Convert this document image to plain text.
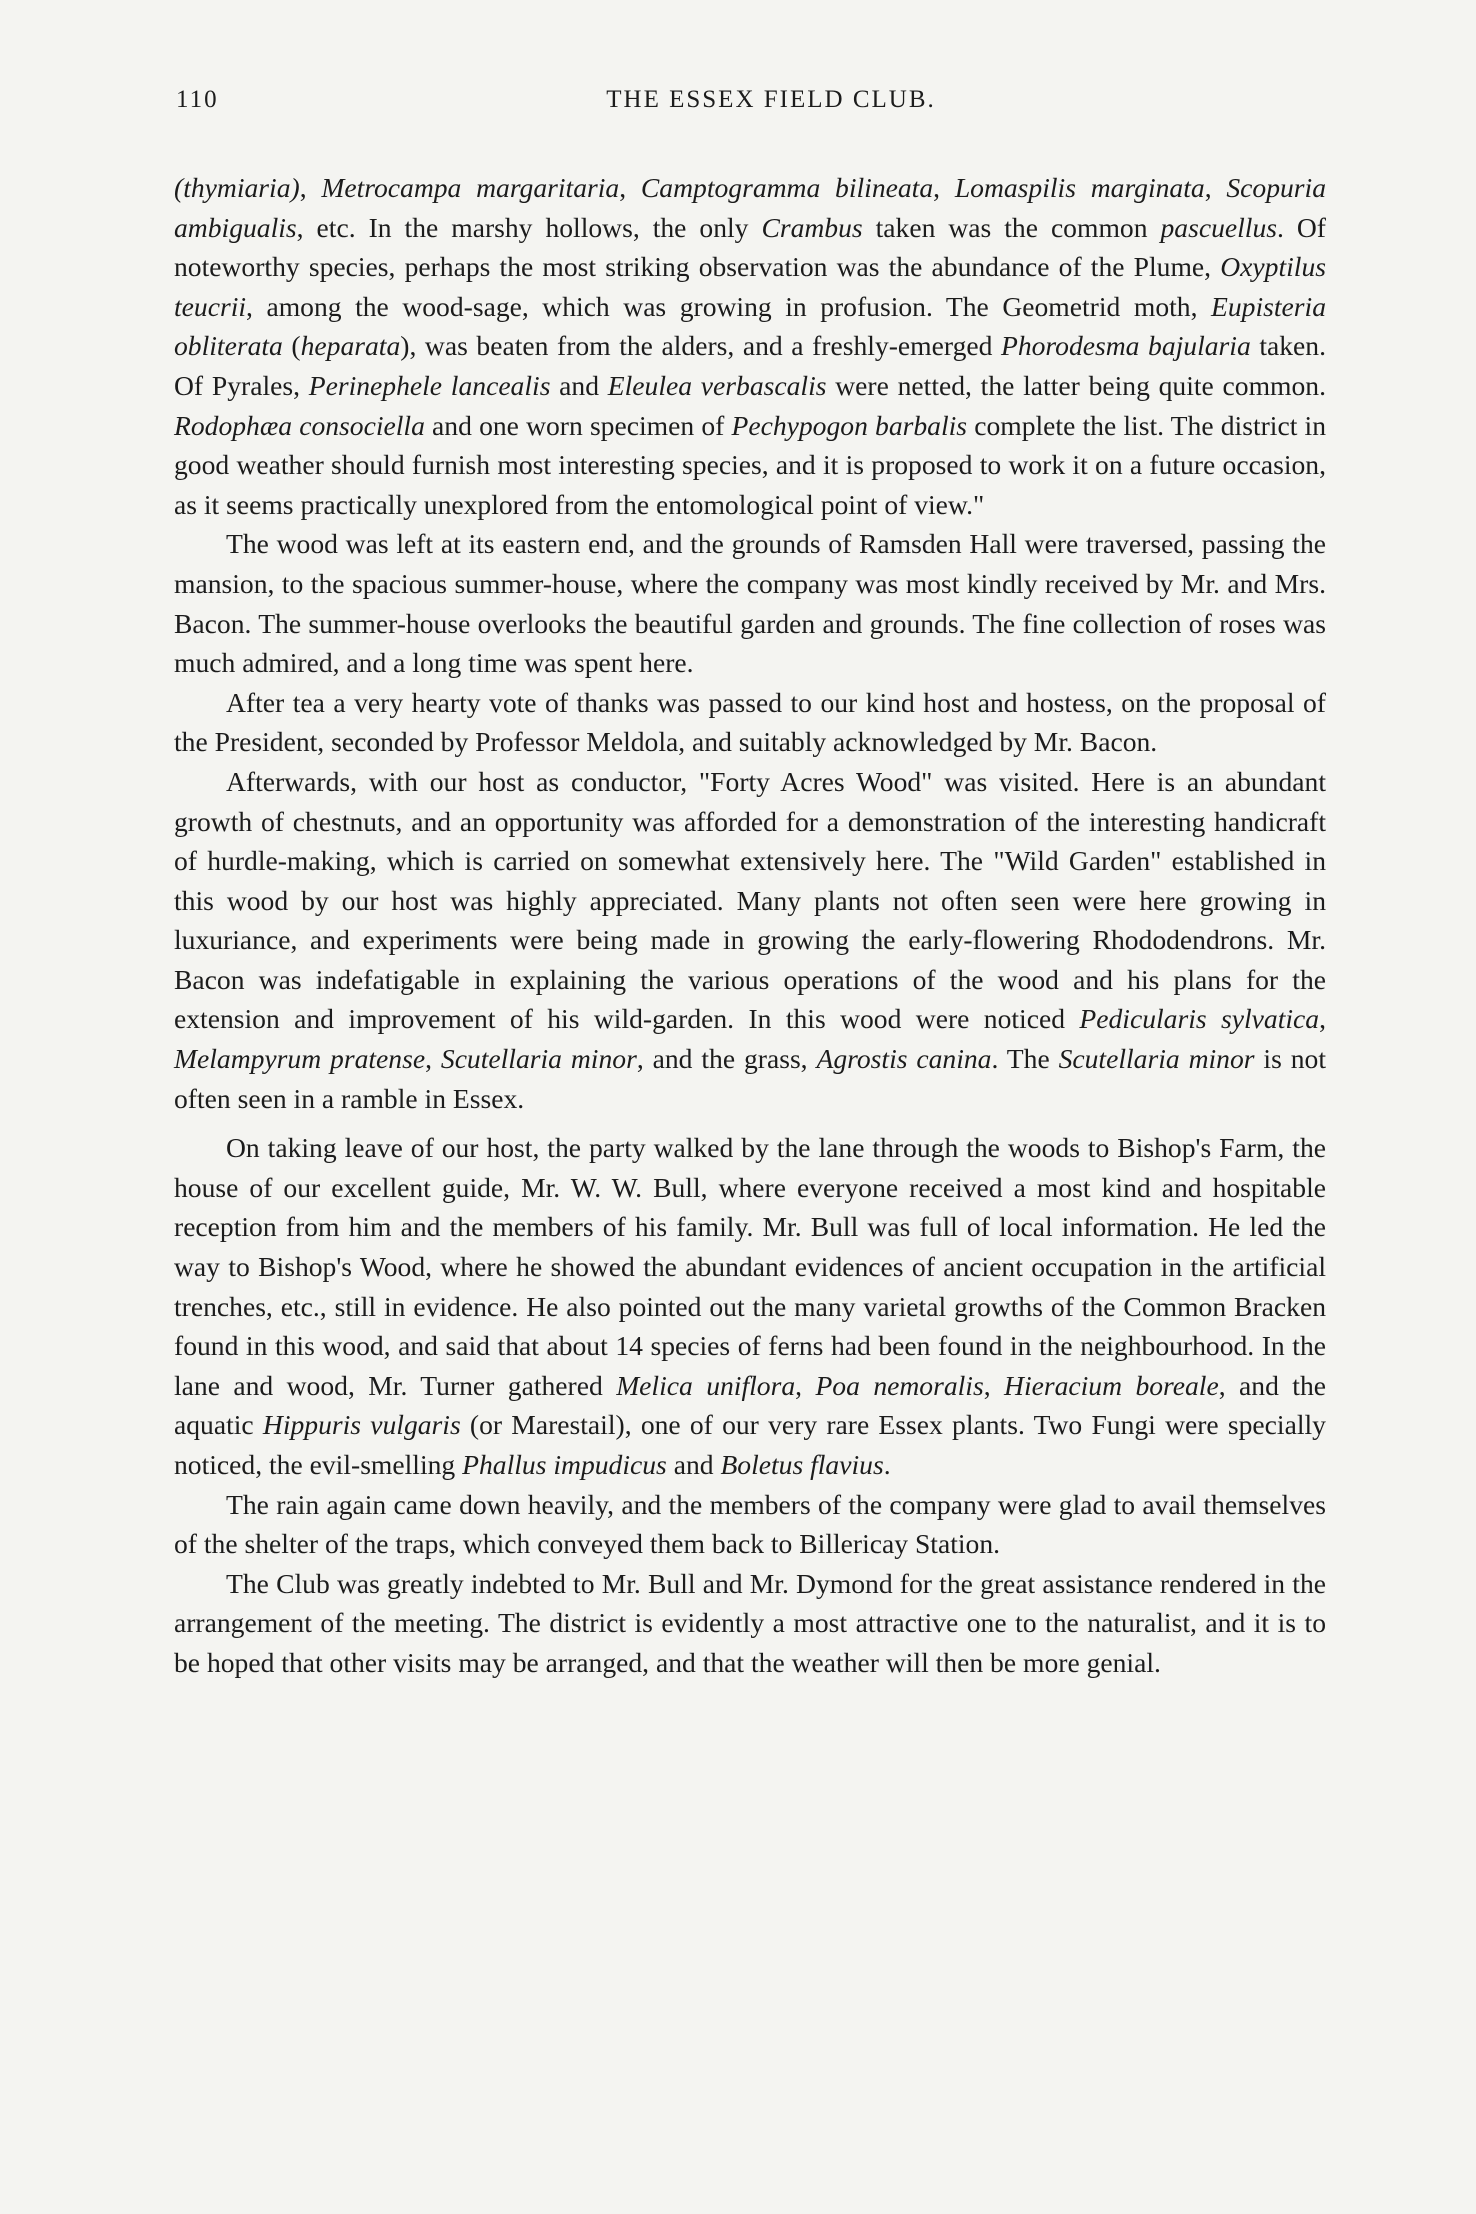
110	THE ESSEX FIELD CLUB.

(thymiaria), Metrocampa margaritaria, Camptogramma bilineata, Lomaspilis marginata, Scopuria ambigualis, etc. In the marshy hollows, the only Crambus taken was the common pascuellus. Of noteworthy species, perhaps the most striking observation was the abundance of the Plume, Oxyptilus teucrii, among the wood-sage, which was growing in profusion. The Geometrid moth, Eupisteria obliterata (heparata), was beaten from the alders, and a freshly-emerged Phorodesma bajularia taken. Of Pyrales, Perinephele lancealis and Eleulea verbascalis were netted, the latter being quite common. Rodophæa consociella and one worn specimen of Pechypogon barbalis complete the list. The district in good weather should furnish most interesting species, and it is proposed to work it on a future occasion, as it seems practically unexplored from the entomological point of view."

The wood was left at its eastern end, and the grounds of Ramsden Hall were traversed, passing the mansion, to the spacious summer-house, where the company was most kindly received by Mr. and Mrs. Bacon. The summer-house overlooks the beautiful garden and grounds. The fine collection of roses was much admired, and a long time was spent here.

After tea a very hearty vote of thanks was passed to our kind host and hostess, on the proposal of the President, seconded by Professor Meldola, and suitably acknowledged by Mr. Bacon.

Afterwards, with our host as conductor, "Forty Acres Wood" was visited. Here is an abundant growth of chestnuts, and an opportunity was afforded for a demonstration of the interesting handicraft of hurdle-making, which is carried on somewhat extensively here. The "Wild Garden" established in this wood by our host was highly appreciated. Many plants not often seen were here growing in luxuriance, and experiments were being made in growing the early-flowering Rhododendrons. Mr. Bacon was indefatigable in explaining the various operations of the wood and his plans for the extension and improvement of his wild-garden. In this wood were noticed Pedicularis sylvatica, Melampyrum pratense, Scutellaria minor, and the grass, Agrostis canina. The Scutellaria minor is not often seen in a ramble in Essex.

On taking leave of our host, the party walked by the lane through the woods to Bishop's Farm, the house of our excellent guide, Mr. W. W. Bull, where everyone received a most kind and hospitable reception from him and the members of his family. Mr. Bull was full of local information. He led the way to Bishop's Wood, where he showed the abundant evidences of ancient occupation in the artificial trenches, etc., still in evidence. He also pointed out the many varietal growths of the Common Bracken found in this wood, and said that about 14 species of ferns had been found in the neighbourhood. In the lane and wood, Mr. Turner gathered Melica uniflora, Poa nemoralis, Hieracium boreale, and the aquatic Hippuris vulgaris (or Marestail), one of our very rare Essex plants. Two Fungi were specially noticed, the evil-smelling Phallus impudicus and Boletus flavius.

The rain again came down heavily, and the members of the company were glad to avail themselves of the shelter of the traps, which conveyed them back to Billericay Station.

The Club was greatly indebted to Mr. Bull and Mr. Dymond for the great assistance rendered in the arrangement of the meeting. The district is evidently a most attractive one to the naturalist, and it is to be hoped that other visits may be arranged, and that the weather will then be more genial.
